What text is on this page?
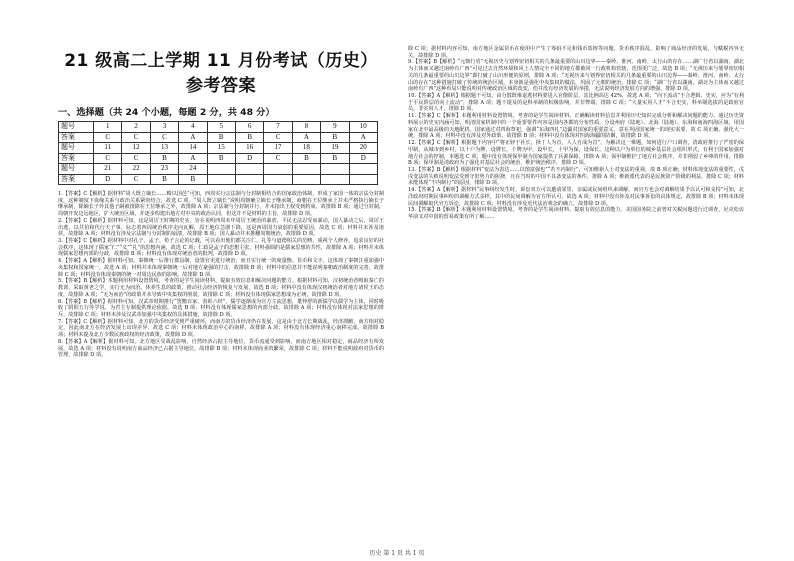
21 级高二上学期 11 月份考试（历史）参考答案
一、选择题（共 24 个小题，每题 2 分，共 48 分）
题号	1	2	3	4	5	6	7	8	9	10
答案	C	C	C	A	B	B	C	A	B	A
题号	11	12	13	14	15	16	17	18	19	20
答案	C	C	B	A	B	D	C	B	B	D
题号	21	22	23	24						
答案	D	C	B	B						

1.【答案】C【解析】据材料“周人既立嫡长……畸以国邑”可知，西周实行宗法制与分封制相结合的国家政治体制，形成了家国一体的宗法分封制度，这种制度下血缘关系与政治关系紧密结合，故选 C 项，“周人既立嫡长”说明周朝确立嫡长子继承制，商朝在王位继承上并未严格执行嫡长子继承制，除嫡长子外其他子嗣被排除在王位继承之外，故排除 A 项；宗法制与分封制并行，并未指出王权受到约束，故排除 B 项；通过分封制，周朝开发边远地区，扩大统治区域，并逐步构建出地方对中央的政治认同，但这并不是材料的主旨，故排除 D 项。

2.【答案】C【解析】据材料可知，这是周厉王时期的史实，旨在说明西周末年周厉王统治的暴虐，平民无法忍受而暴动，国人暴动之后，周厉王出逃，以共伯和代行天子事，标志着西周统治秩序走向瓦解，周王地位急剧下降，这是西周国力衰弱的重要原因，故选 C 项；材料并未涉及诸侯，故排除 A 项；材料没有涉及宗法制与分封制的崩溃，故排除 B 项；国人暴动并未推翻周朝统治，故排除 D 项。

3.【答案】C【解析】据材料中对孔子、孟子、荀子言论的记载，可以看出他们都关注仁、礼等与道德相关的范畴，重视个人修养，追求良好的社会秩序，这体现了儒家“仁”“义”“礼”的思想内涵，故选 C 项；仁政是孟子的思想主张，材料强调的是儒家思想的共性，故排除 A 项；材料并未体现儒家思想内部的分歧，故排除 B 项；材料没有体现对统治者的批判，故排除 D 项。

4.【答案】A【解析】据材料可知，秦朝统一后推行郡县制，设置官吏进行统治，而且实行统一的度量衡、货币和文字，这体现了秦朝注重加强中央集权和国家统一，故选 A 项；材料并未体现秦朝统一后对地方豪强的打击，故排除 B 项；材料中的信息并不能说明秦朝政治制度的完善，故排除 C 项；材料没有体现秦朝的统一对周边民族的影响，故排除 D 项。

5.【答案】B【解析】本题利用材料设置情境，考查的是学生阅读材料、提取有效信息和解决问题的能力。根据材料可知，汉初统治者吸取秦亡的教训，采取黄老之学，实行无为而治、休养生息的政策，推动社会经济的恢复与发展，故选 B 项；材料中没有体现汉初统治者对地方诸侯王的态度，故排除 A 项；“无为而治”的政策并未导致中央集权的削弱，故排除 C 项；材料没有体现儒家思想成为正统，故排除 D 项。

6.【答案】B【解析】据材料可知，汉武帝时期推行“罢黜百家，表彰六经”，儒学逐渐成为官方主流思想，董仲舒的新儒学以儒学为主体，同时吸收了阴阳五行等学说，为君主专制提供理论依据，故选 B 项；材料没有体现儒家思想的内部分歧，故排除 A 项；材料没有体现对法家思想的排斥，故排除 C 项；材料未涉及汉武帝加强中央集权的具体措施，故排除 D 项。

7.【答案】C【解析】据材料可知，北方的货币经济受到严重破坏，而南方的货币经济仍在发展，这是由于北方长期战乱，经济凋敝，南方相对稳定，因此南北方在经济发展上出现差异，故选 C 项；材料未体现政治中心的南移，故排除 A 项；材料没有体现经济重心南移完成，故排除 B 项；材料未提及北方少数民族政权的经济政策，故排除 D 项。

8.【答案】A【解析】据材料可知，北方地区受战乱影响，自然经济占据主导地位，货币流通受到影响，而南方地区相对稳定，商品经济有所发展，故选 A 项；材料没有说明南方商品经济已占据主导地位，故排除 B 项；材料未体现商业的繁荣，故排除 C 项；材料不能说明政府对货币的管理，故排除 D 项。

除 C 项；据材料内容可知，南方地区金属货币在使用中产生了筹码不足和钱币盗铸等问题，货币秩序混乱，影响了商品经济的发展，与赋税内容无关，故排除 D 项。

9.【答案】B【解析】“元朝行省”无视历史与划界密切相关的几条最重要的山川边界——秦岭、淮河、南岭、太行山的存在……湖广行省以湖南、湖北为主体而又越过南岭有广西”可见过去自然环境和风土人情完全不同的地方都被同一行政机构管辖，范围更广泛，故选 B 项；“无视历来与划界密切相关的几条最重要的山川边界”即打破了山川形便的原则，排除 A 项；“无视历来与划界密切相关的几条最重要的山川边界——秦岭、淮河、南岭、太行山的存在”这种措施打破了传统的统治区域，本身就是强化中央集权的做法，巩固了元朝的统治，排除 C 项；“湖广行省以湖南、湖北为主体而又越过南岭有广西”这种布局只能说明对传统政治区域的改变，但并没有经济发展的举措，无法说明经济发展方向的增强，排除 D 项。

10.【答案】A【解析】根据题干可知，由分散既难退逃材料要进入官僚阶层，其比例高达 42%，故选 A 项；“向下流动”不合逻辑，史实，应为“有利于平民阶层的向上流动”，排除 A 项；题干提及的是科举制的积极影响，并非弊端，排除 C 项；“大量实用人才”不合史实，科举制选拔的是政府官员，非实用人才，排除 D 项。

11.【答案】C【解析】本题利用材料设置情境，考查的是学生阅读材料、正确解读材料信息并利用历史知识完成分析和解决问题的能力。通过历史资料展示的史实内涵可知，明清国家机制中的一个重要要件内容是国内各郡的分布性质，分设州府（陆地）、北海（陆地）、东海和南海四海区域，用国家在北中最高级的天地配机。国家通过对四海祭祀，强调“东海四礼”边疆对国家的重要意义，意在巩固国家统一的现实需要，故 C 项正确。强化大一统，排除 A 项；材料中没有涉及对外政策，故排除 B 项；材料中没有体现对四海海疆的防御，故排除 D 项。

12.【答案】C【解析】根据题干内容中“将正轻于社长，择丁人为首，人人自成为首”，为解决这一难题，如何进行户口调查，清政府推行了严密的保甲制，从城市到乡村，以十户为牌，设牌长，十牌为甲，设甲长，十甲为保，设保长，这种以户为单位的城乡基层社会组织形式，有利于国家加强对地方社会的控制，本题选 C 项；题中没有体现保甲制为国家提供了兵源保障，排除 A 项；保甲制维护了地方社会秩序，并非削弱了乡绅的作用，排除 B 项；保甲制是清政府为了强化对基层社会的统治，维护统治秩序，排除 D 项。

13.【答案】B【解析】根据材料“变法为表达……以图富强也”“若不内制行”，可知维新人士对变法的重视，故 B 项正确；材料体现变法的重要性，戊戌变法的失败说明变法受到守旧势力的阻挠，且在当时的中国不具备变法的条件，排除 A 项；维新派代表的是民族资产阶级的利益，排除 C 项；材料未能体现“不内制行”的原因，排除 D 项。

14.【答案】A【解析】据材料“民事纠纷发生时，诉讼双方可以邀请邻里、亲属或民间组织来调解，而官方也会对调解结果予以认可和支持”可知，北洋政府时期民事纠纷的调解方式多样，其中的民间调解为官方所认可，故选 A 项；材料中没有涉及对民事诉讼的具体规定，故排除 B 项；材料未体现民间调解取代官方诉讼，故排除 C 项；材料没有涉及近代法治观念的确立，故排除 D 项。

15.【答案】B【解析】本题利用材料设置情境，考查的是学生阅读材料、提取有效信息的能力。美国国务院之前曾对关税问题进行过调查，尼克松访华前又对中国的贸易政策有所了解……

历史 第 1 页 共 1 页
